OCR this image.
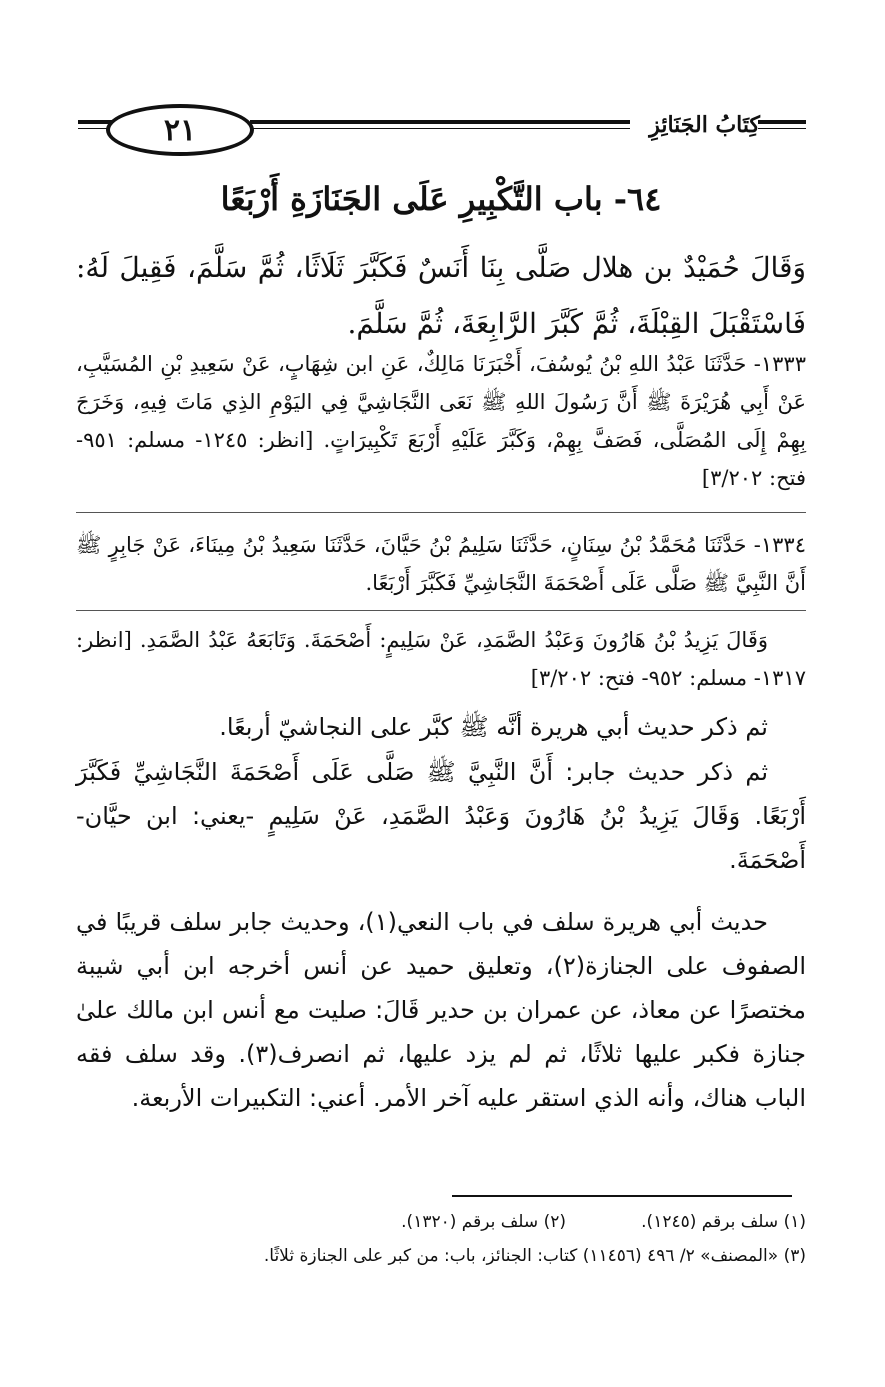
٢١	كِتَابُ الجَنَائِزِ
٦٤- باب التَّكْبِيرِ عَلَى الجَنَازَةِ أَرْبَعًا

وَقَالَ حُمَيْدٌ بن هلال صَلَّى بِنَا أَنَسٌ فَكَبَّرَ ثَلَاثًا، ثُمَّ سَلَّمَ، فَقِيلَ لَهُ: فَاسْتَقْبَلَ القِبْلَةَ، ثُمَّ كَبَّرَ الرَّابِعَةَ، ثُمَّ سَلَّمَ.

١٣٣٣- حَدَّثَنَا عَبْدُ اللهِ بْنُ يُوسُفَ، أَخْبَرَنَا مَالِكٌ، عَنِ ابن شِهَابٍ، عَنْ سَعِيدِ بْنِ المُسَيَّبِ، عَنْ أَبِي هُرَيْرَةَ ﷺ أَنَّ رَسُولَ اللهِ ﷺ نَعَى النَّجَاشِيَّ فِي اليَوْمِ الذِي مَاتَ فِيهِ، وَخَرَجَ بِهِمْ إِلَى المُصَلَّى، فَصَفَّ بِهِمْ، وَكَبَّرَ عَلَيْهِ أَرْبَعَ تَكْبِيرَاتٍ. [انظر: ١٢٤٥- مسلم: ٩٥١- فتح: ٣/٢٠٢]

١٣٣٤- حَدَّثَنَا مُحَمَّدُ بْنُ سِنَانٍ، حَدَّثَنَا سَلِيمُ بْنُ حَيَّانَ، حَدَّثَنَا سَعِيدُ بْنُ مِينَاءَ، عَنْ جَابِرٍ ﷺ أَنَّ النَّبِيَّ ﷺ صَلَّى عَلَى أَصْحَمَةَ النَّجَاشِيِّ فَكَبَّرَ أَرْبَعًا.

وَقَالَ يَزِيدُ بْنُ هَارُونَ وَعَبْدُ الصَّمَدِ، عَنْ سَلِيمٍ: أَصْحَمَةَ. وَتَابَعَهُ عَبْدُ الصَّمَدِ. [انظر: ١٣١٧- مسلم: ٩٥٢- فتح: ٣/٢٠٢]

ثم ذكر حديث أبي هريرة أنَّه ﷺ كبَّر على النجاشيّ أربعًا.

ثم ذكر حديث جابر: أَنَّ النَّبِيَّ ﷺ صَلَّى عَلَى أَصْحَمَةَ النَّجَاشِيِّ فَكَبَّرَ أَرْبَعًا. وَقَالَ يَزِيدُ بْنُ هَارُونَ وَعَبْدُ الصَّمَدِ، عَنْ سَلِيمٍ -يعني: ابن حيَّان- أَصْحَمَةَ.

حديث أبي هريرة سلف في باب النعي(١)، وحديث جابر سلف قريبًا في الصفوف على الجنازة(٢)، وتعليق حميد عن أنس أخرجه ابن أبي شيبة مختصرًا عن معاذ، عن عمران بن حدير قَالَ: صليت مع أنس ابن مالك علىٰ جنازة فكبر عليها ثلاثًا، ثم لم يزد عليها، ثم انصرف(٣). وقد سلف فقه الباب هناك، وأنه الذي استقر عليه آخر الأمر. أعني: التكبيرات الأربعة.

(١) سلف برقم (١٢٤٥).
(٢) سلف برقم (١٣٢٠).
(٣) «المصنف» ٢/ ٤٩٦ (١١٤٥٦) كتاب: الجنائز، باب: من كبر على الجنازة ثلاثًا.
